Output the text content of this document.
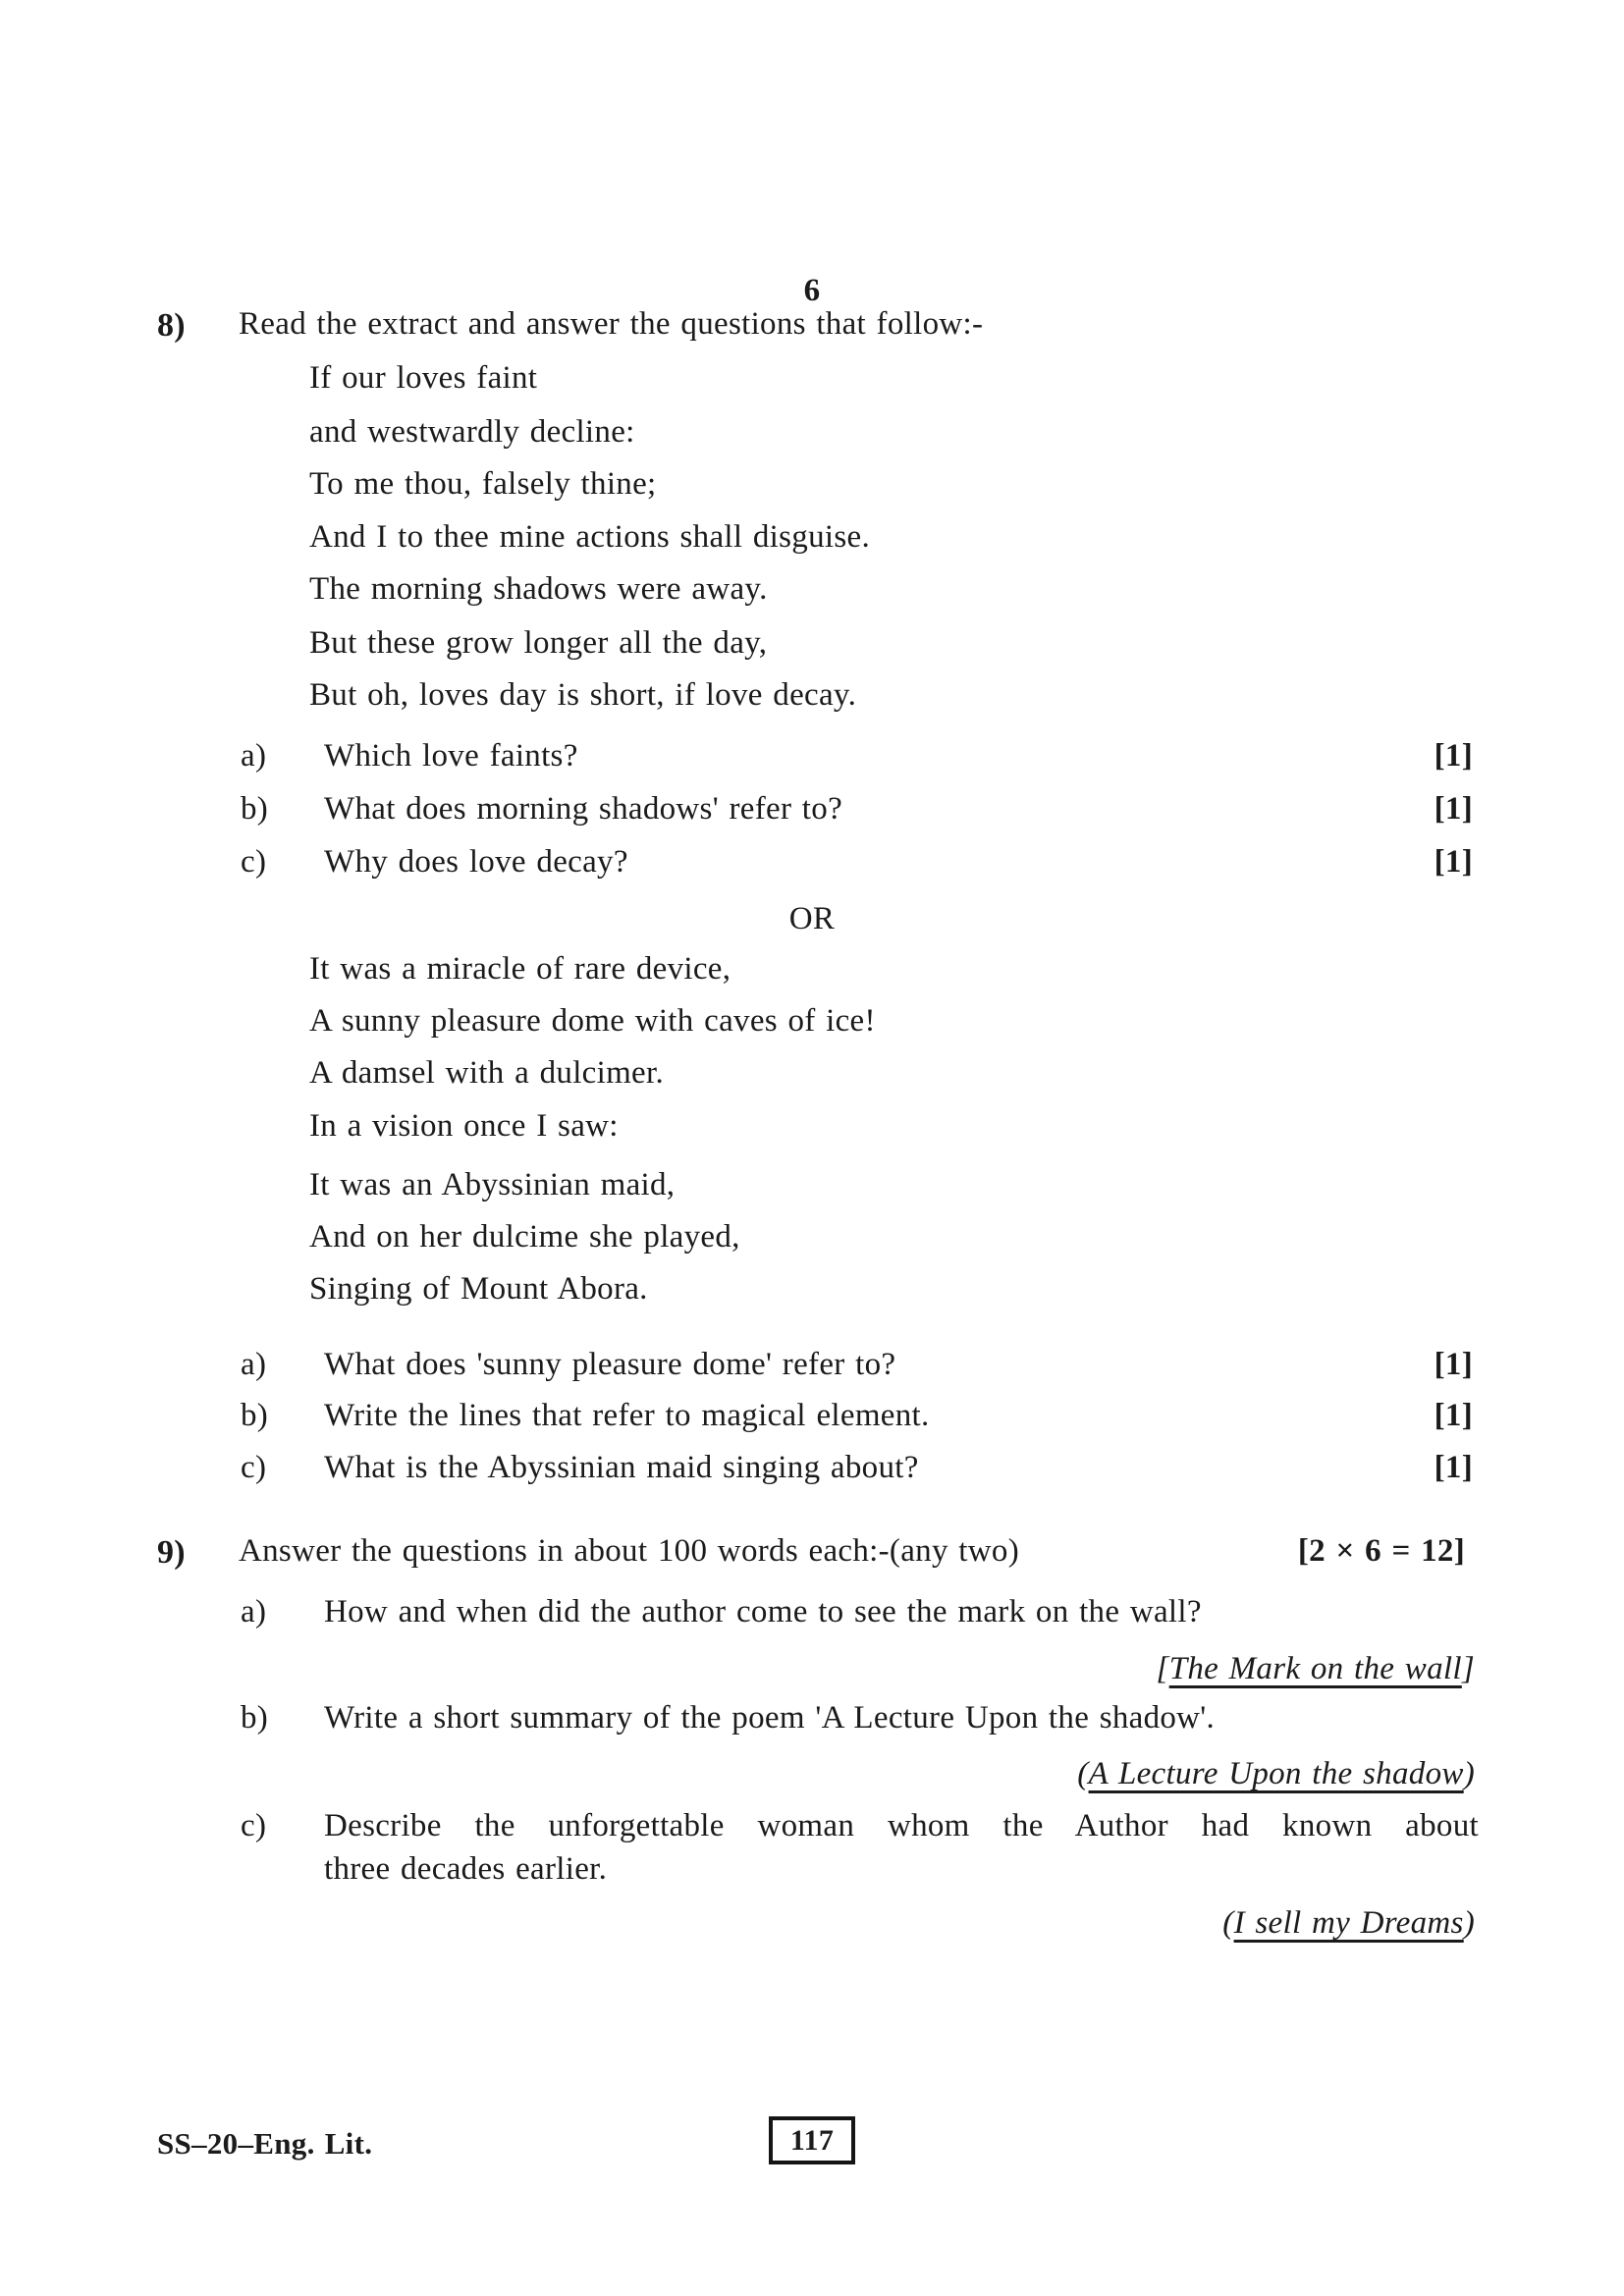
6
8) Read the extract and answer the questions that follow:-
If our loves faint
and westwardly decline:
To me thou, falsely thine;
And I to thee mine actions shall disguise.
The morning shadows were away.
But these grow longer all the day,
But oh, loves day is short, if love decay.
a) Which love faints?	[1]
b) What does morning shadows' refer to?	[1]
c) Why does love decay?	[1]
OR
It was a miracle of rare device,
A sunny pleasure dome with caves of ice!
A damsel with a dulcimer.
In a vision once I saw:
It was an Abyssinian maid,
And on her dulcime she played,
Singing of Mount Abora.
a) What does 'sunny pleasure dome' refer to?	[1]
b) Write the lines that refer to magical element.	[1]
c) What is the Abyssinian maid singing about?	[1]
9) Answer the questions in about 100 words each:-(any two)	[2 × 6 = 12]
a) How and when did the author come to see the mark on the wall?
[The Mark on the wall]
b) Write a short summary of the poem 'A Lecture Upon the shadow'.
(A Lecture Upon the shadow)
c) Describe the unforgettable woman whom the Author had known about
three decades earlier.
(I sell my Dreams)
SS–20–Eng. Lit.	117
